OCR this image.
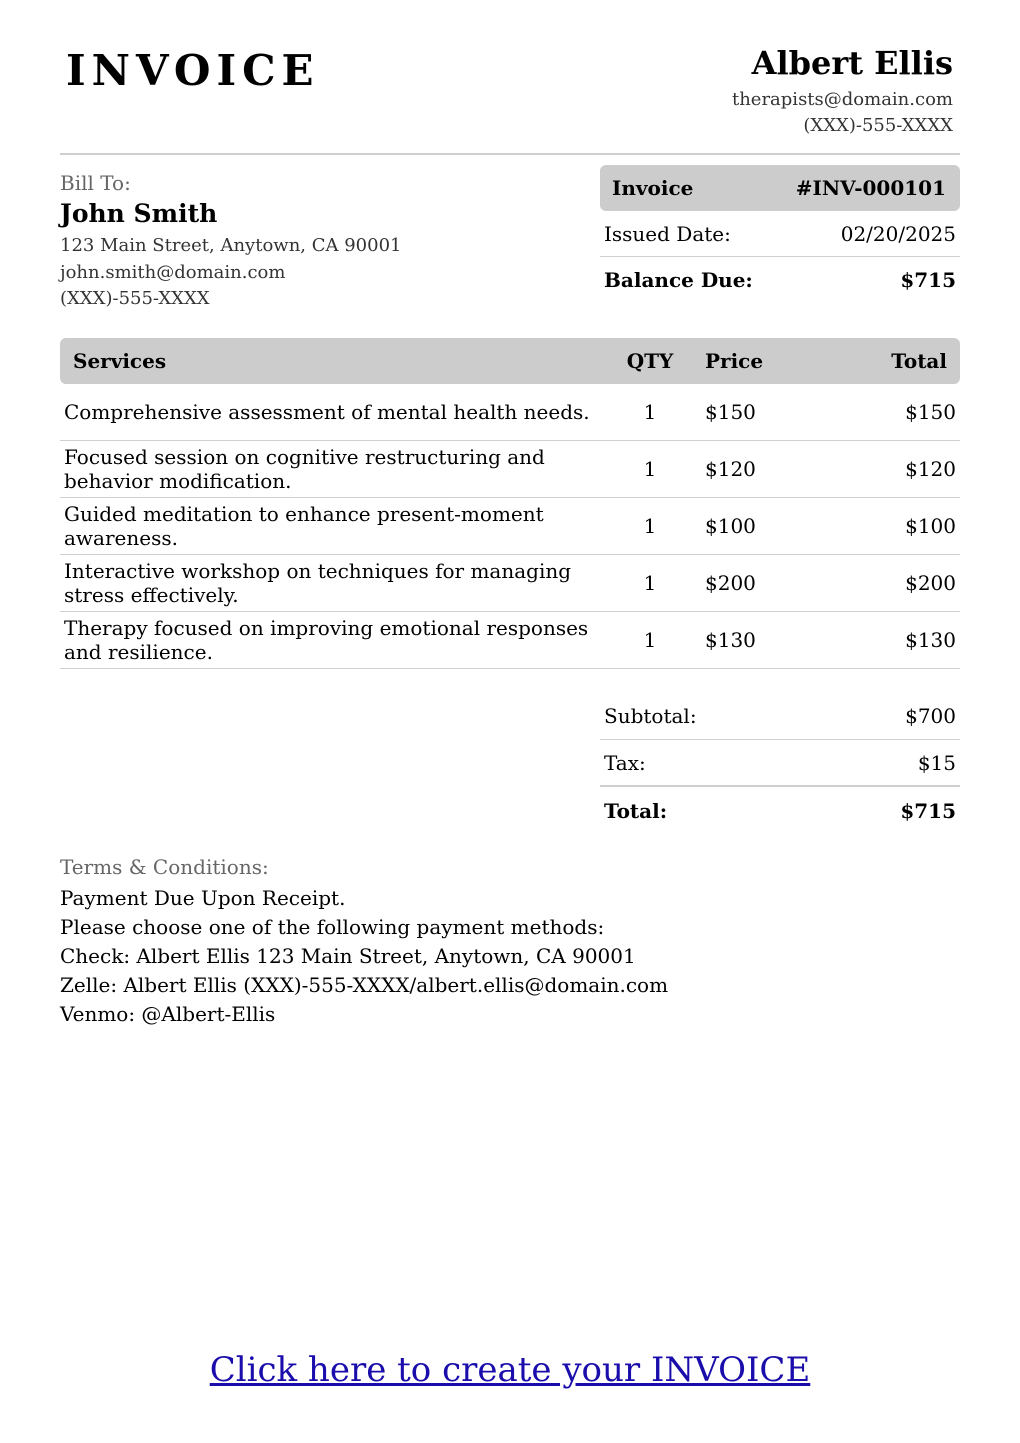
INVOICE	Albert Ellis
therapists@domain.com
(XXX)-555-XXXX
Bill To:
John Smith
123 Main Street, Anytown, CA 90001
john.smith@domain.com
(XXX)-555-XXXX
Invoice	#INV-000101
Issued Date:	02/20/2025
Balance Due:	$715
Services	QTY	Price	Total
Comprehensive assessment of mental health needs.	1	$150	$150
Focused session on cognitive restructuring and behavior modification.	1	$120	$120
Guided meditation to enhance present-moment awareness.	1	$100	$100
Interactive workshop on techniques for managing stress effectively.	1	$200	$200
Therapy focused on improving emotional responses and resilience.	1	$130	$130
Subtotal:	$700
Tax:	$15
Total:	$715
Terms & Conditions:
Payment Due Upon Receipt.
Please choose one of the following payment methods:
Check: Albert Ellis 123 Main Street, Anytown, CA 90001
Zelle: Albert Ellis (XXX)-555-XXXX/albert.ellis@domain.com
Venmo: @Albert-Ellis
Click here to create your INVOICE
